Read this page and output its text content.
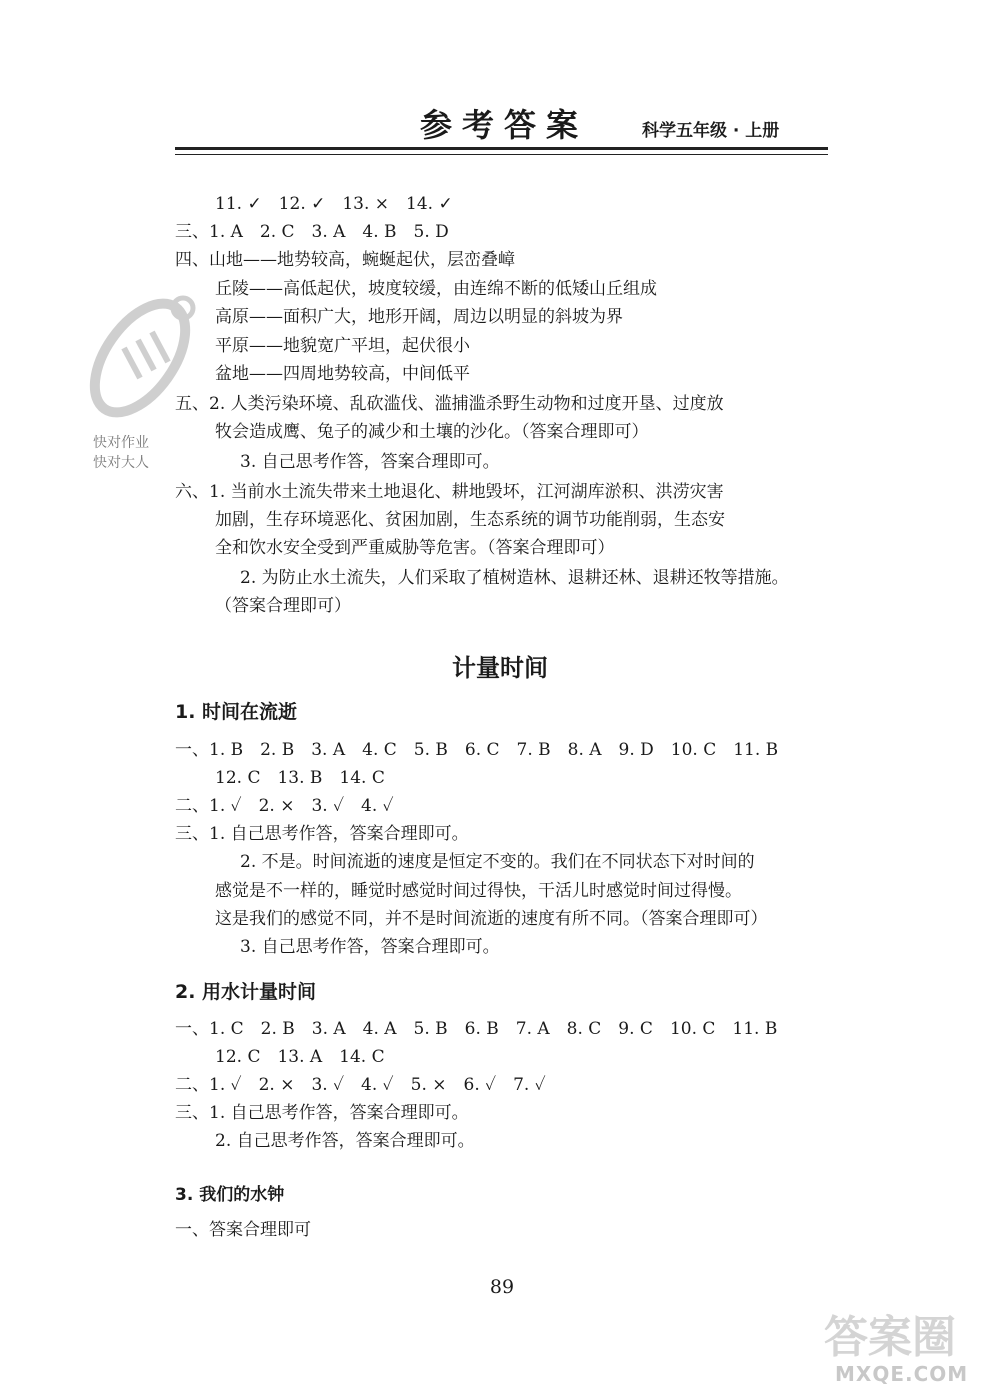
参考答案	科学五年级 · 上册
快对作业
快对大人
11. ✓　12. ✓　13. ×　14. ✓
三、1. A　2. C　3. A　4. B　5. D
四、山地——地势较高，蜿蜒起伏，层峦叠嶂
丘陵——高低起伏，坡度较缓，由连绵不断的低矮山丘组成
高原——面积广大，地形开阔，周边以明显的斜坡为界
平原——地貌宽广平坦，起伏很小
盆地——四周地势较高，中间低平
五、2. 人类污染环境、乱砍滥伐、滥捕滥杀野生动物和过度开垦、过度放
牧会造成鹰、兔子的减少和土壤的沙化。（答案合理即可）
3. 自己思考作答，答案合理即可。
六、1. 当前水土流失带来土地退化、耕地毁坏，江河湖库淤积、洪涝灾害
加剧，生存环境恶化、贫困加剧，生态系统的调节功能削弱，生态安
全和饮水安全受到严重威胁等危害。（答案合理即可）
2. 为防止水土流失，人们采取了植树造林、退耕还林、退耕还牧等措施。
（答案合理即可）
计量时间
1. 时间在流逝
一、1. B　2. B　3. A　4. C　5. B　6. C　7. B　8. A　9. D　10. C　11. B
12. C　13. B　14. C
二、1. ✓　2. ×　3. ✓　4. ✓
三、1. 自己思考作答，答案合理即可。
2. 不是。时间流逝的速度是恒定不变的。我们在不同状态下对时间的
感觉是不一样的，睡觉时感觉时间过得快，干活儿时感觉时间过得慢。
这是我们的感觉不同，并不是时间流逝的速度有所不同。（答案合理即可）
3. 自己思考作答，答案合理即可。
2. 用水计量时间
一、1. C　2. B　3. A　4. A　5. B　6. B　7. A　8. C　9. C　10. C　11. B
12. C　13. A　14. C
二、1. ✓　2. ×　3. ✓　4. ✓　5. ×　6. ✓　7. ✓
三、1. 自己思考作答，答案合理即可。
2. 自己思考作答，答案合理即可。
3. 我们的水钟
一、答案合理即可
89
答案圈
MXQE.COM
